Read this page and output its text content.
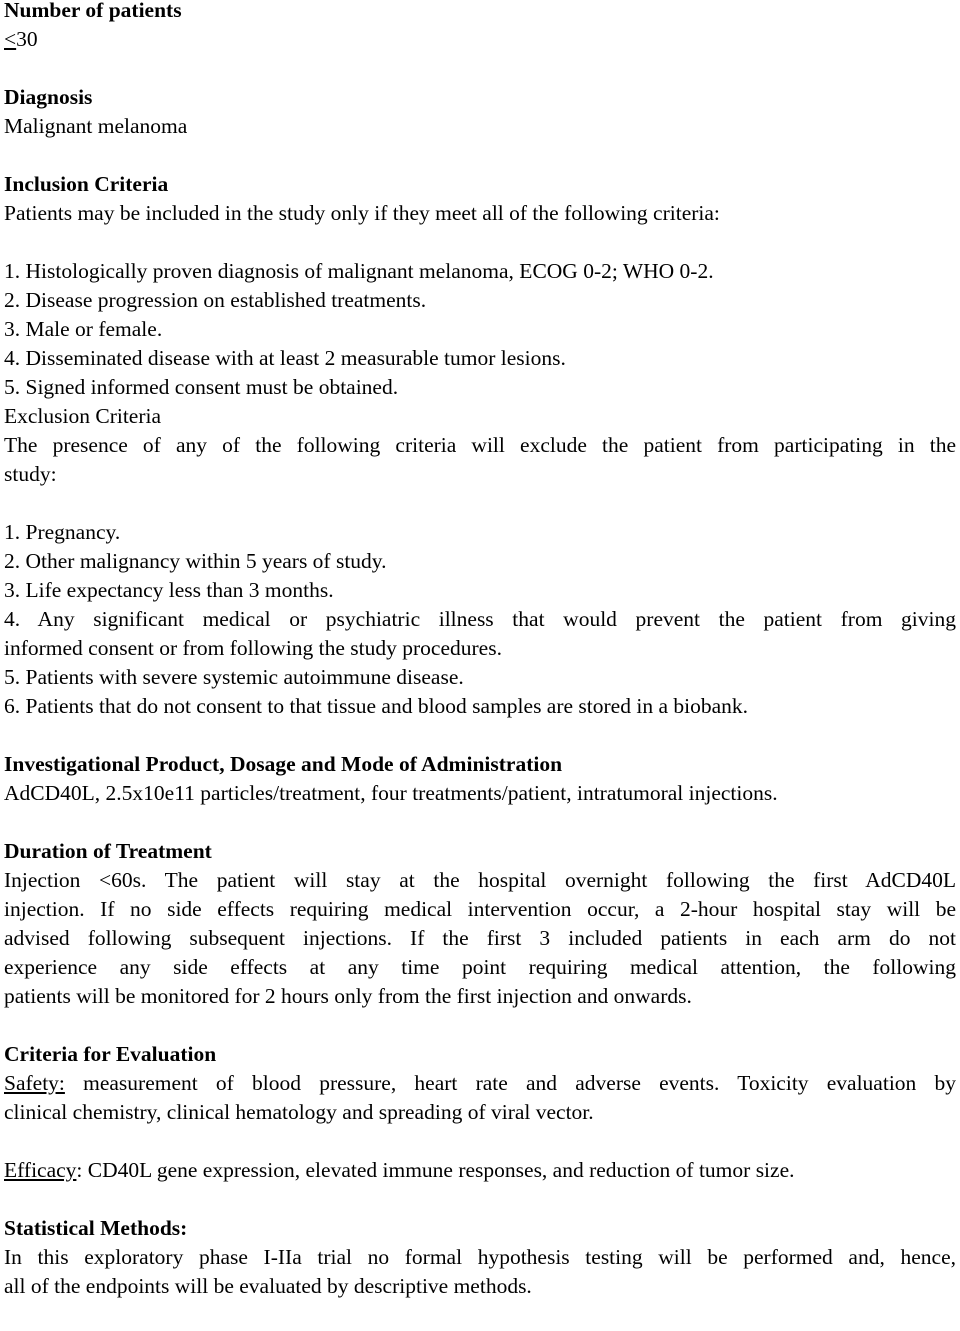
Number of patients
≤30
Diagnosis
Malignant melanoma
Inclusion Criteria
Patients may be included in the study only if they meet all of the following criteria:
1. Histologically proven diagnosis of malignant melanoma, ECOG 0-2; WHO 0-2.
2. Disease progression on established treatments.
3. Male or female.
4. Disseminated disease with at least 2 measurable tumor lesions.
5. Signed informed consent must be obtained.
Exclusion Criteria
The presence of any of the following criteria will exclude the patient from participating in the
study:
1. Pregnancy.
2. Other malignancy within 5 years of study.
3. Life expectancy less than 3 months.
4. Any significant medical or psychiatric illness that would prevent the patient from giving
informed consent or from following the study procedures.
5. Patients with severe systemic autoimmune disease.
6. Patients that do not consent to that tissue and blood samples are stored in a biobank.
Investigational Product, Dosage and Mode of Administration
AdCD40L, 2.5x10e11 particles/treatment, four treatments/patient, intratumoral injections.
Duration of Treatment
Injection <60s. The patient will stay at the hospital overnight following the first AdCD40L
injection. If no side effects requiring medical intervention occur, a 2-hour hospital stay will be
advised following subsequent injections. If the first 3 included patients in each arm do not
experience any side effects at any time point requiring medical attention, the following
patients will be monitored for 2 hours only from the first injection and onwards.
Criteria for Evaluation
Safety: measurement of blood pressure, heart rate and adverse events. Toxicity evaluation by
clinical chemistry, clinical hematology and spreading of viral vector.
Efficacy: CD40L gene expression, elevated immune responses, and reduction of tumor size.
Statistical Methods:
In this exploratory phase I-IIa trial no formal hypothesis testing will be performed and, hence,
all of the endpoints will be evaluated by descriptive methods.
